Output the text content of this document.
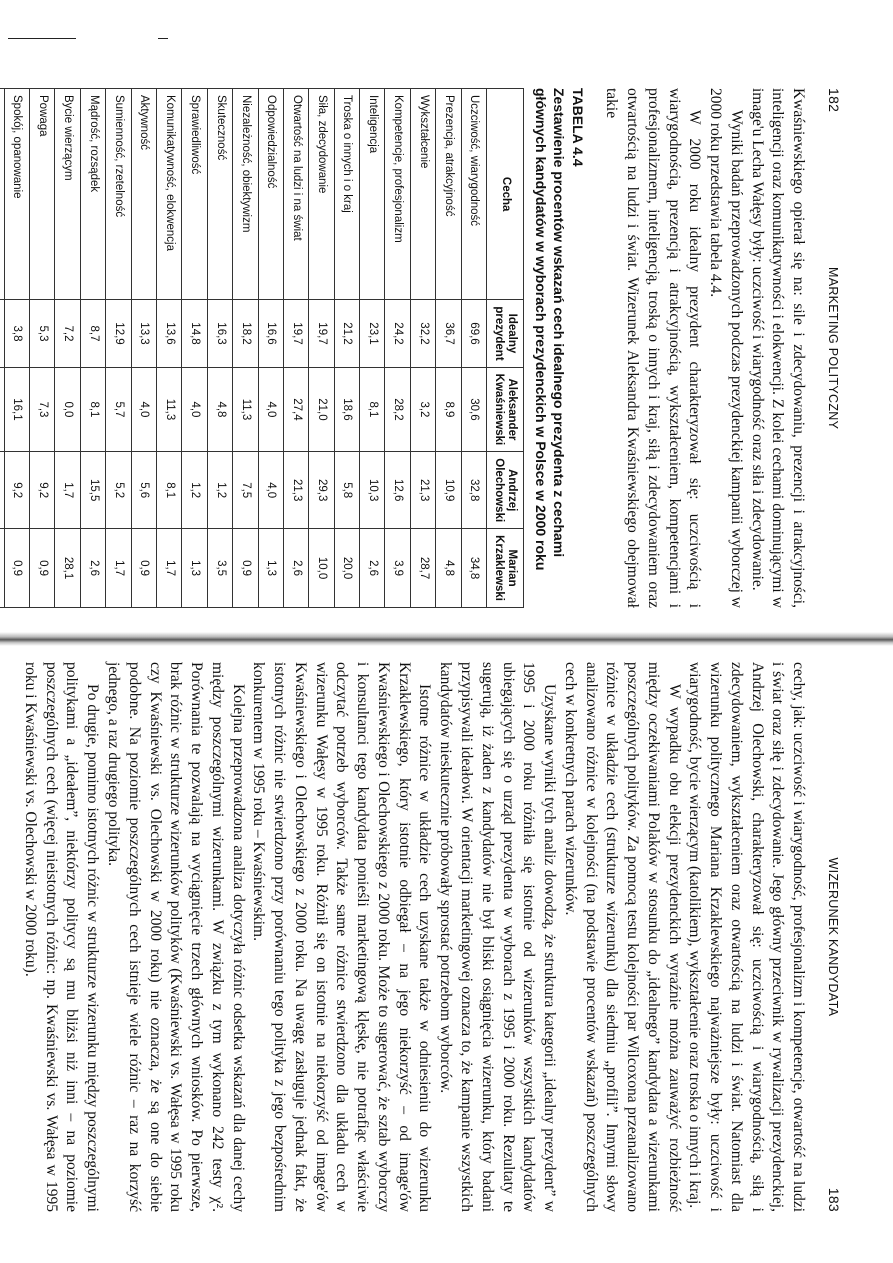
182
MARKETING POLITYCZNY

Kwaśniewskiego opierał się na: sile i zdecydowaniu, prezencji i atrakcyjności, inteligencji oraz komunikatywności i elokwencji. Z kolei cechami dominującymi w image'u Lecha Wałęsy były: uczciwość i wiarygodność oraz siła i zdecydowanie.

Wyniki badań przeprowadzonych podczas prezydenckiej kampanii wyborczej w 2000 roku przedstawia tabela 4.4.

W 2000 roku idealny prezydent charakteryzował się: uczciwością i wiarygodnością, prezencją i atrakcyjnością, wykształceniem, kompetencjami i profesjonalizmem, inteligencją, troską o innych i kraj, siłą i zdecydowaniem oraz otwartością na ludzi i świat. Wizerunek Aleksandra Kwaśniewskiego obejmował takie

TABELA 4.4
Zestawienie procentów wskazań cech idealnego prezydenta z cechami głównych kandydatów w wyborach prezydenckich w Polsce w 2000 roku
Cecha	Idealny prezydent	Aleksander Kwaśniewski	Andrzej Olechowski	Marian Krzaklewski
Uczciwość, wiarygodność	69,6	30,6	32,8	34,8
Prezencja, atrakcyjność	36,7	8,9	10,9	4,8
Wykształcenie	32,2	3,2	21,3	28,7
Kompetencje, profesjonalizm	24,2	28,2	12,6	3,9
Inteligencja	23,1	8,1	10,3	2,6
Troska o innych i o kraj	21,2	18,6	5,8	20,0
Siła, zdecydowanie	19,7	21,0	29,3	10,0
Otwartość na ludzi i na świat	19,7	27,4	21,3	2,6
Odpowiedzialność	16,6	4,0	4,0	1,3
Niezależność, obiektywizm	18,2	11,3	7,5	0,9
Skuteczność	16,3	4,8	1,2	3,5
Sprawiedliwość	14,8	4,0	1,2	1,3
Komunikatywność, elokwencja	13,6	11,3	8,1	1,7
Aktywność	13,3	4,0	5,6	0,9
Sumienność, rzetelność	12,9	5,7	5,2	1,7
Mądrość, rozsądek	8,7	8,1	15,5	2,6
Bycie wierzącym	7,2	0,0	1,7	28,1
Powaga	5,3	7,3	9,2	0,9
Spokój, opanowanie	3,8	16,1	9,2	0,9

WIZERUNEK KANDYDATA
183

cechy, jak: uczciwość i wiarygodność, profesjonalizm i kompetencje, otwartość na ludzi i świat oraz siłę i zdecydowanie. Jego główny przeciwnik w rywalizacji prezydenckiej, Andrzej Olechowski, charakteryzował się: uczciwością i wiarygodnością, siłą i zdecydowaniem, wykształceniem oraz otwartością na ludzi i świat. Natomiast dla wizerunku politycznego Mariana Krzaklewskiego najważniejsze były: uczciwość i wiarygodność, bycie wierzącym (katolikiem), wykształcenie oraz troska o innych i kraj.

W wypadku obu elekcji prezydenckich wyraźnie można zauważyć rozbieżność między oczekiwaniami Polaków w stosunku do „idealnego” kandydata a wizerunkami poszczególnych polityków. Za pomocą testu kolejności par Wilcoxona przeanalizowano różnice w układzie cech (strukturze wizerunku) dla siedmiu „profili”. Innymi słowy analizowano różnice w kolejności (na podstawie procentów wskazań) poszczególnych cech w konkretnych parach wizerunków.

Uzyskane wyniki tych analiz dowodzą, że struktura kategorii „idealny prezydent” w 1995 i 2000 roku różniła się istotnie od wizerunków wszystkich kandydatów ubiegających się o urząd prezydenta w wyborach z 1995 i 2000 roku. Rezultaty te sugerują, iż żaden z kandydatów nie był bliski osiągnięcia wizerunku, który badani przypisywali ideałowi. W orientacji marketingowej oznacza to, że kampanie wszystkich kandydatów nieskutecznie próbowały sprostać potrzebom wyborców.

Istotne różnice w układzie cech uzyskane także w odniesieniu do wizerunku Krzaklewskiego, który istotnie odbiegał – na jego niekorzyść – od image'ów Kwaśniewskiego i Olechowskiego z 2000 roku. Może to sugerować, że sztab wyborczy i konsultanci tego kandydata ponieśli marketingową klęskę, nie potrafiąc właściwie odczytać potrzeb wyborców. Także same różnice stwierdzono dla układu cech w wizerunku Wałęsy w 1995 roku. Różnił się on istotnie na niekorzyść od image'ów Kwaśniewskiego i Olechowskiego z 2000 roku. Na uwagę zasługuje jednak fakt, że istotnych różnic nie stwierdzono przy porównaniu tego polityka z jego bezpośrednim konkurentem w 1995 roku – Kwaśniewskim.

Kolejna przeprowadzona analiza dotyczyła różnic odsetka wskazań dla danej cechy między poszczególnymi wizerunkami. W związku z tym wykonano 242 testy χ². Porównania te pozwalają na wyciągnięcie trzech głównych wniosków. Po pierwsze, brak różnic w strukturze wizerunków polityków (Kwaśniewski vs. Wałęsa w 1995 roku czy Kwaśniewski vs. Olechowski w 2000 roku) nie oznacza, że są one do siebie podobne. Na poziomie poszczególnych cech istnieje wiele różnic – raz na korzyść jednego, a raz drugiego polityka.

Po drugie, pomimo istotnych różnic w strukturze wizerunku między poszczególnymi politykami a „ideałem”, niektórzy politycy są mu bliżsi niż inni – na poziomie poszczególnych cech (więcej nieistotnych różnic: np. Kwaśniewski vs. Wałęsa w 1995 roku i Kwaśniewski vs. Olechowski w 2000 roku).
